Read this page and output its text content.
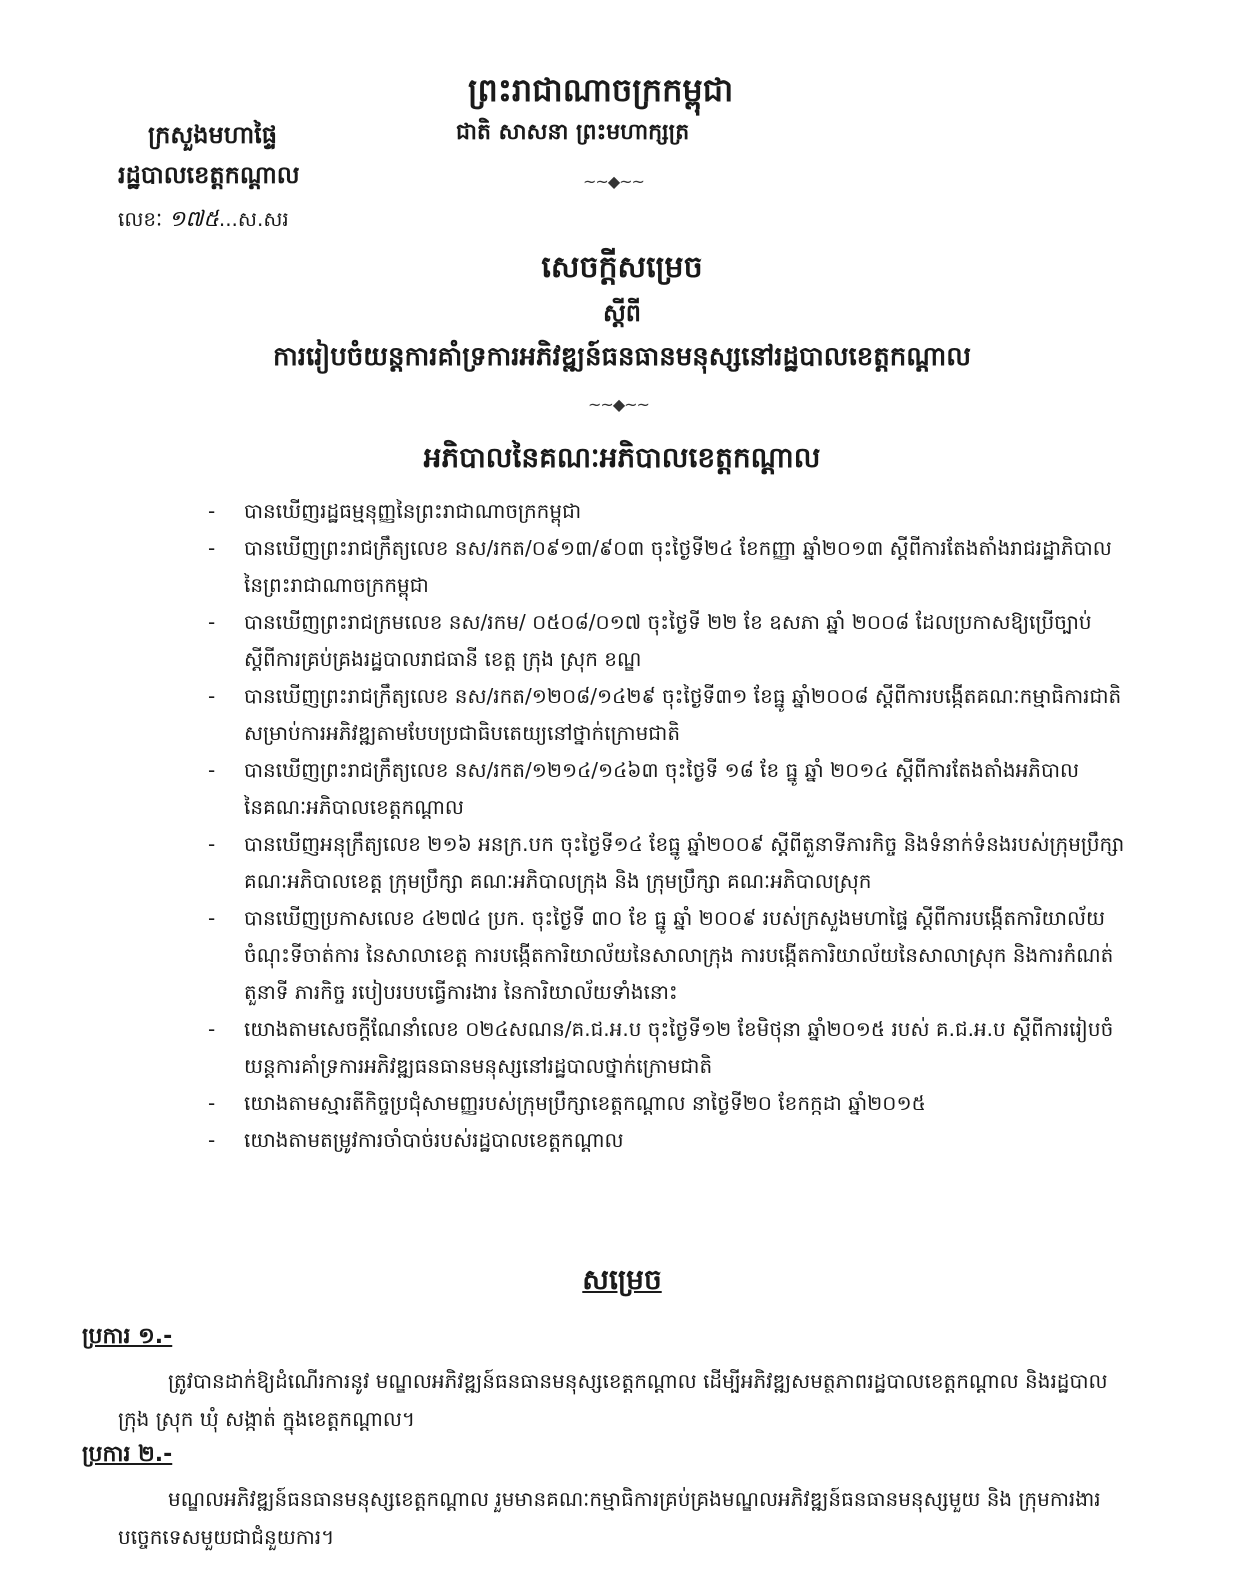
ព្រះរាជាណាចក្រកម្ពុជា
ជាតិ សាសនា ព្រះមហាក្សត្រ
~~◆~~
ក្រសួងមហាផ្ទៃ
រដ្ឋបាលខេត្តកណ្តាល
លេខៈ ១៧៥...ស.សរ
សេចក្តីសម្រេច
ស្តីពី
ការរៀបចំយន្តការគាំទ្រការអភិវឌ្ឍន៍ធនធានមនុស្សនៅរដ្ឋបាលខេត្តកណ្តាល
~~◆~~
អភិបាលនៃគណៈអភិបាលខេត្តកណ្តាល
- បានឃើញរដ្ឋធម្មនុញ្ញនៃព្រះរាជាណាចក្រកម្ពុជា
- បានឃើញព្រះរាជក្រឹត្យលេខ នស/រកត/០៩១៣/៩០៣ ចុះថ្ងៃទី២៤ ខែកញ្ញា ឆ្នាំ២០១៣ ស្តីពីការតែងតាំងរាជរដ្ឋាភិបាលនៃព្រះរាជាណាចក្រកម្ពុជា
- បានឃើញព្រះរាជក្រមលេខ នស/រកម/ ០៥០៨/០១៧ ចុះថ្ងៃទី ២២ ខែ ឧសភា ឆ្នាំ ២០០៨ ដែលប្រកាសឱ្យប្រើច្បាប់ ស្តីពីការគ្រប់គ្រងរដ្ឋបាលរាជធានី ខេត្ត ក្រុង ស្រុក ខណ្ឌ
- បានឃើញព្រះរាជក្រឹត្យលេខ នស/រកត/១២០៨/១៤២៩ ចុះថ្ងៃទី៣១ ខែធ្នូ ឆ្នាំ២០០៨ ស្តីពីការបង្កើតគណៈកម្មាធិការជាតិសម្រាប់ការអភិវឌ្ឍតាមបែបប្រជាធិបតេយ្យនៅថ្នាក់ក្រោមជាតិ
- បានឃើញព្រះរាជក្រឹត្យលេខ នស/រកត/១២១៤/១៤៦៣ ចុះថ្ងៃទី ១៨ ខែ ធ្នូ ឆ្នាំ ២០១៤ ស្តីពីការតែងតាំងអភិបាល នៃគណៈអភិបាលខេត្តកណ្តាល
- បានឃើញអនុក្រឹត្យលេខ ២១៦ អនក្រ.បក ចុះថ្ងៃទី១៤ ខែធ្នូ ឆ្នាំ២០០៩ ស្តីពីតួនាទីភារកិច្ច និងទំនាក់ទំនងរបស់ក្រុមប្រឹក្សា គណៈអភិបាលខេត្ត ក្រុមប្រឹក្សា គណៈអភិបាលក្រុង និង ក្រុមប្រឹក្សា គណៈអភិបាលស្រុក
- បានឃើញប្រកាសលេខ ៤២៧៤ ប្រក. ចុះថ្ងៃទី ៣០ ខែ ធ្នូ ឆ្នាំ ២០០៩ របស់ក្រសួងមហាផ្ទៃ ស្តីពីការបង្កើតការិយាល័យចំណុះទីចាត់ការ នៃសាលាខេត្ត ការបង្កើតការិយាល័យនៃសាលាក្រុង ការបង្កើតការិយាល័យនៃសាលាស្រុក និងការកំណត់តួនាទី ភារកិច្ច របៀបរបបធ្វើការងារ នៃការិយាល័យទាំងនោះ
- យោងតាមសេចក្តីណែនាំលេខ ០២៤សណន/គ.ជ.អ.ប ចុះថ្ងៃទី១២ ខែមិថុនា ឆ្នាំ២០១៥ របស់ គ.ជ.អ.ប ស្តីពីការរៀបចំយន្តការគាំទ្រការអភិវឌ្ឍធនធានមនុស្សនៅរដ្ឋបាលថ្នាក់ក្រោមជាតិ
- យោងតាមស្មារតីកិច្ចប្រជុំសាមញ្ញរបស់ក្រុមប្រឹក្សាខេត្តកណ្តាល នាថ្ងៃទី២០ ខែកក្កដា ឆ្នាំ២០១៥
- យោងតាមតម្រូវការចាំបាច់របស់រដ្ឋបាលខេត្តកណ្តាល
សម្រេច
ប្រការ ១.-
ត្រូវបានដាក់ឱ្យដំណើរការនូវ មណ្ឌលអភិវឌ្ឍន៍ធនធានមនុស្សខេត្តកណ្តាល ដើម្បីអភិវឌ្ឍសមត្ថភាពរដ្ឋបាលខេត្តកណ្តាល និងរដ្ឋបាលក្រុង ស្រុក ឃុំ សង្កាត់ ក្នុងខេត្តកណ្តាល។
ប្រការ ២.-
មណ្ឌលអភិវឌ្ឍន៍ធនធានមនុស្សខេត្តកណ្តាល រួមមានគណៈកម្មាធិការគ្រប់គ្រងមណ្ឌលអភិវឌ្ឍន៍ធនធានមនុស្សមួយ និង ក្រុមការងារបច្ចេកទេសមួយជាជំនួយការ។
